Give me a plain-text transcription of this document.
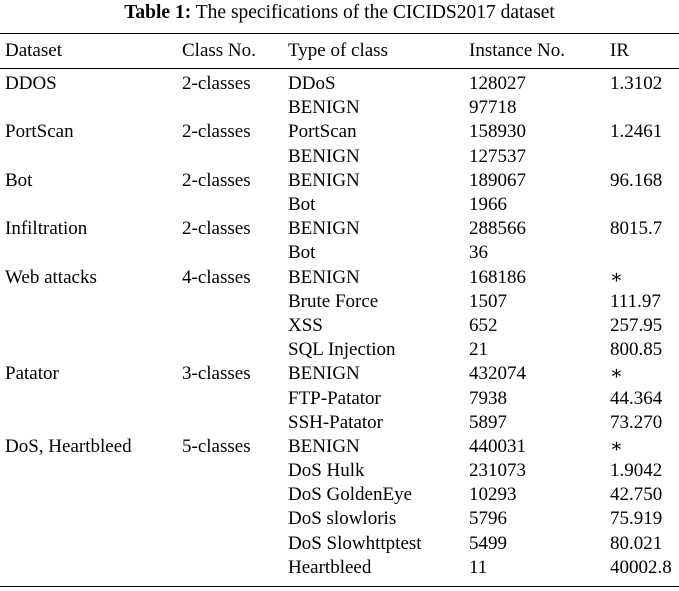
Table 1: The specifications of the CICIDS2017 dataset
Dataset	Class No.	Type of class	Instance No.	IR
DDOS	2-classes	DDoS	128027	1.3102
		BENIGN	97718	
PortScan	2-classes	PortScan	158930	1.2461
		BENIGN	127537	
Bot	2-classes	BENIGN	189067	96.168
		Bot	1966	
Infiltration	2-classes	BENIGN	288566	8015.7
		Bot	36	
Web attacks	4-classes	BENIGN	168186	∗
		Brute Force	1507	111.97
		XSS	652	257.95
		SQL Injection	21	800.85
Patator	3-classes	BENIGN	432074	∗
		FTP-Patator	7938	44.364
		SSH-Patator	5897	73.270
DoS, Heartbleed	5-classes	BENIGN	440031	∗
		DoS Hulk	231073	1.9042
		DoS GoldenEye	10293	42.750
		DoS slowloris	5796	75.919
		DoS Slowhttptest	5499	80.021
		Heartbleed	11	40002.8
